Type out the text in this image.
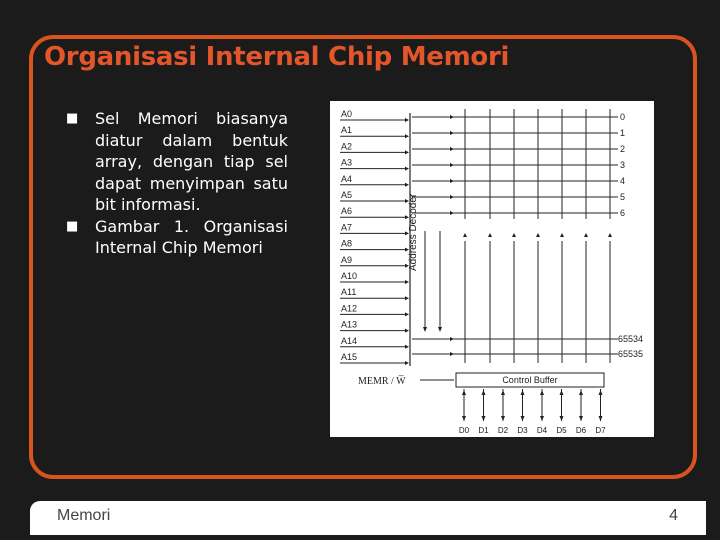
Organisasi Internal Chip Memori
■ Sel Memori biasanya diatur dalam bentuk array, dengan tiap sel dapat menyimpan satu bit informasi.
■ Gambar 1. Organisasi Internal Chip Memori
A0
A1
A2
A3
A4
A5
A6
A7
A8
A9
A10
A11
A12
A13
A14
A15
Address Decoder
0
1
2
3
4
5
6
65534
65535
Control Buffer
MEMR / W̅
D0 D1 D2 D3 D4 D5 D6 D7
Memori	4
